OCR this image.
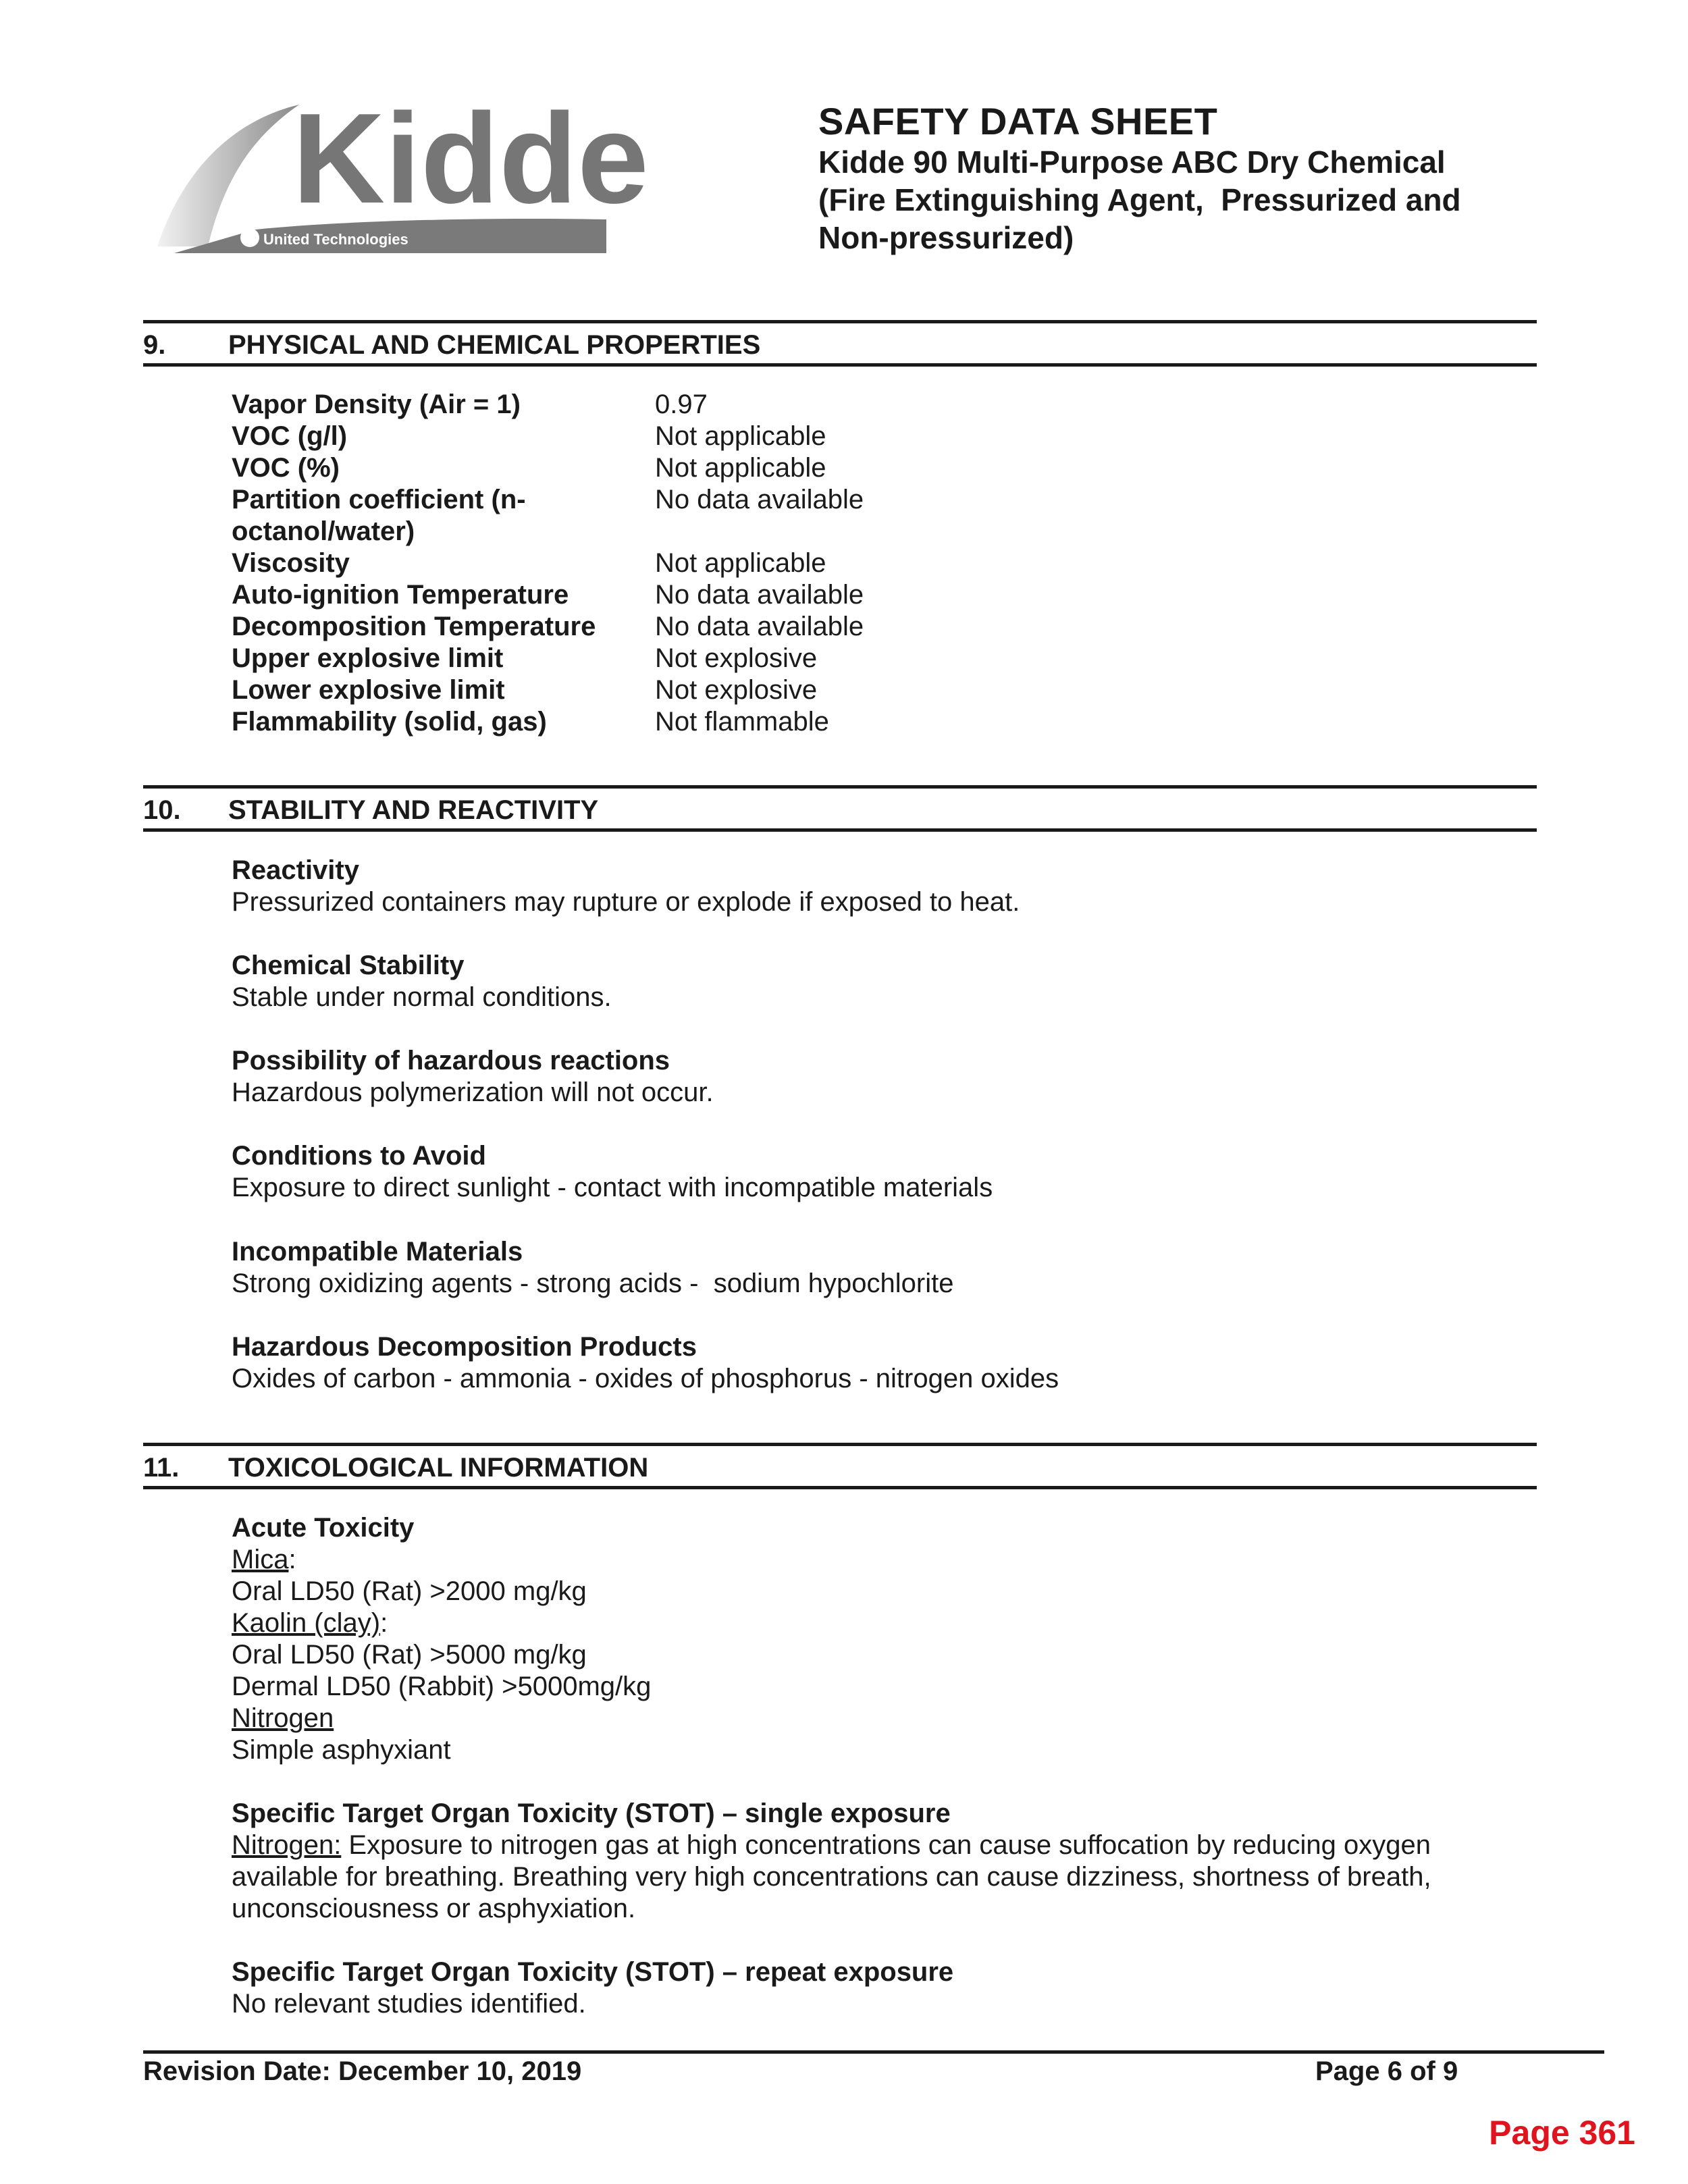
United Technologies
Kidde	SAFETY DATA SHEET
Kidde 90 Multi-Purpose ABC Dry Chemical
(Fire Extinguishing Agent,  Pressurized and
Non-pressurized)
9. PHYSICAL AND CHEMICAL PROPERTIES
Vapor Density (Air = 1)	0.97
VOC (g/l)	Not applicable
VOC (%)	Not applicable
Partition coefficient (n-	No data available
octanol/water)
Viscosity	Not applicable
Auto-ignition Temperature	No data available
Decomposition Temperature	No data available
Upper explosive limit	Not explosive
Lower explosive limit	Not explosive
Flammability (solid, gas)	Not flammable
10. STABILITY AND REACTIVITY
Reactivity
Pressurized containers may rupture or explode if exposed to heat.
Chemical Stability
Stable under normal conditions.
Possibility of hazardous reactions
Hazardous polymerization will not occur.
Conditions to Avoid
Exposure to direct sunlight - contact with incompatible materials
Incompatible Materials
Strong oxidizing agents - strong acids -  sodium hypochlorite
Hazardous Decomposition Products
Oxides of carbon - ammonia - oxides of phosphorus - nitrogen oxides
11. TOXICOLOGICAL INFORMATION
Acute Toxicity
Mica:
Oral LD50 (Rat) >2000 mg/kg
Kaolin (clay):
Oral LD50 (Rat) >5000 mg/kg
Dermal LD50 (Rabbit) >5000mg/kg
Nitrogen
Simple asphyxiant
Specific Target Organ Toxicity (STOT) – single exposure
Nitrogen: Exposure to nitrogen gas at high concentrations can cause suffocation by reducing oxygen
available for breathing. Breathing very high concentrations can cause dizziness, shortness of breath,
unconsciousness or asphyxiation.
Specific Target Organ Toxicity (STOT) – repeat exposure
No relevant studies identified.
Revision Date: December 10, 2019	Page 6 of 9
Page 361
